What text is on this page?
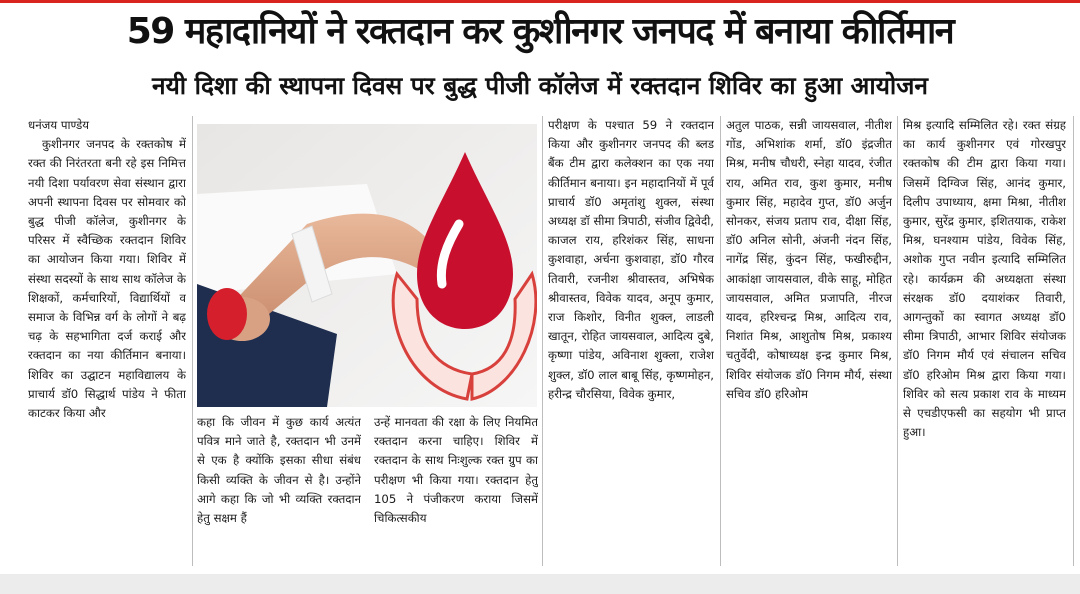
59 महादानियों ने रक्तदान कर कुशीनगर जनपद में बनाया कीर्तिमान
नयी दिशा की स्थापना दिवस पर बुद्ध पीजी कॉलेज में रक्तदान शिविर का हुआ आयोजन

धनंजय पाण्डेय

कुशीनगर जनपद के रक्तकोष में रक्त की निरंतरता बनी रहे इस निमित्त नयी दिशा पर्यावरण सेवा संस्थान द्वारा अपनी स्थापना दिवस पर सोमवार को बुद्ध पीजी कॉलेज, कुशीनगर के परिसर में स्वैच्छिक रक्तदान शिविर का आयोजन किया गया। शिविर में संस्था सदस्यों के साथ साथ कॉलेज के शिक्षकों, कर्मचारियों, विद्यार्थियों व समाज के विभिन्न वर्ग के लोगों ने बढ़ चढ़ के सहभागिता दर्ज कराई और रक्तदान का नया कीर्तिमान बनाया। शिविर का उद्घाटन महाविद्यालय के प्राचार्य डॉ0 सिद्धार्थ पांडेय ने फीता काटकर किया और

कहा कि जीवन में कुछ कार्य अत्यंत पवित्र माने जाते है, रक्तदान भी उनमें से एक है क्योंकि इसका सीधा संबंध किसी व्यक्ति के जीवन से है। उन्होंने आगे कहा कि जो भी व्यक्ति रक्तदान हेतु सक्षम हैं

उन्हें मानवता की रक्षा के लिए नियमित रक्तदान करना चाहिए। शिविर में रक्तदान के साथ निःशुल्क रक्त ग्रुप का परीक्षण भी किया गया। रक्तदान हेतु 105 ने पंजीकरण कराया जिसमें चिकित्सकीय

परीक्षण के पश्चात 59 ने रक्तदान किया और कुशीनगर जनपद की ब्लड बैंक टीम द्वारा कलेक्शन का एक नया कीर्तिमान बनाया। इन महादानियों में पूर्व प्राचार्य डॉ0 अमृतांशु शुक्ल, संस्था अध्यक्ष डॉ सीमा त्रिपाठी, संजीव द्विवेदी, काजल राय, हरिशंकर सिंह, साधना कुशवाहा, अर्चना कुशवाहा, डॉ0 गौरव तिवारी, रजनीश श्रीवास्तव, अभिषेक श्रीवास्तव, विवेक यादव, अनूप कुमार, राज किशोर, विनीत शुक्ल, लाडली खातून, रोहित जायसवाल, आदित्य दुबे, कृष्णा पांडेय, अविनाश शुक्ला, राजेश शुक्ल, डॉ0 लाल बाबू सिंह, कृष्णमोहन, हरीन्द्र चौरसिया, विवेक कुमार,

अतुल पाठक, सन्नी जायसवाल, नीतीश गोंड, अभिशांक शर्मा, डॉ0 इंद्रजीत मिश्र, मनीष चौधरी, स्नेहा यादव, रंजीत राय, अमित राव, कुश कुमार, मनीष कुमार सिंह, महादेव गुप्त, डॉ0 अर्जुन सोनकर, संजय प्रताप राव, दीक्षा सिंह, डॉ0 अनिल सोनी, अंजनी नंदन सिंह, नागेंद्र सिंह, कुंदन सिंह, फखीरुद्दीन, आकांक्षा जायसवाल, वीके साहू, मोहित जायसवाल, अमित प्रजापति, नीरज यादव, हरिश्चन्द्र मिश्र, आदित्य राव, निशांत मिश्र, आशुतोष मिश्र, प्रकाश्य चतुर्वेदी, कोषाध्यक्ष इन्द्र कुमार मिश्र, शिविर संयोजक डॉ0 निगम मौर्य, संस्था सचिव डॉ0 हरिओम

मिश्र इत्यादि सम्मिलित रहे। रक्त संग्रह का कार्य कुशीनगर एवं गोरखपुर रक्तकोष की टीम द्वारा किया गया। जिसमें दिग्विज सिंह, आनंद कुमार, दिलीप उपाध्याय, क्षमा मिश्रा, नीतीश कुमार, सुरेंद्र कुमार, इशितयाक, राकेश मिश्र, घनश्याम पांडेय, विवेक सिंह, अशोक गुप्त नवीन इत्यादि सम्मिलित रहे। कार्यक्रम की अध्यक्षता संस्था संरक्षक डॉ0 दयाशंकर तिवारी, आगन्तुकों का स्वागत अध्यक्ष डॉ0 सीमा त्रिपाठी, आभार शिविर संयोजक डॉ0 निगम मौर्य एवं संचालन सचिव डॉ0 हरिओम मिश्र द्वारा किया गया। शिविर को सत्य प्रकाश राव के माध्यम से एचडीएफसी का सहयोग भी प्राप्त हुआ।
